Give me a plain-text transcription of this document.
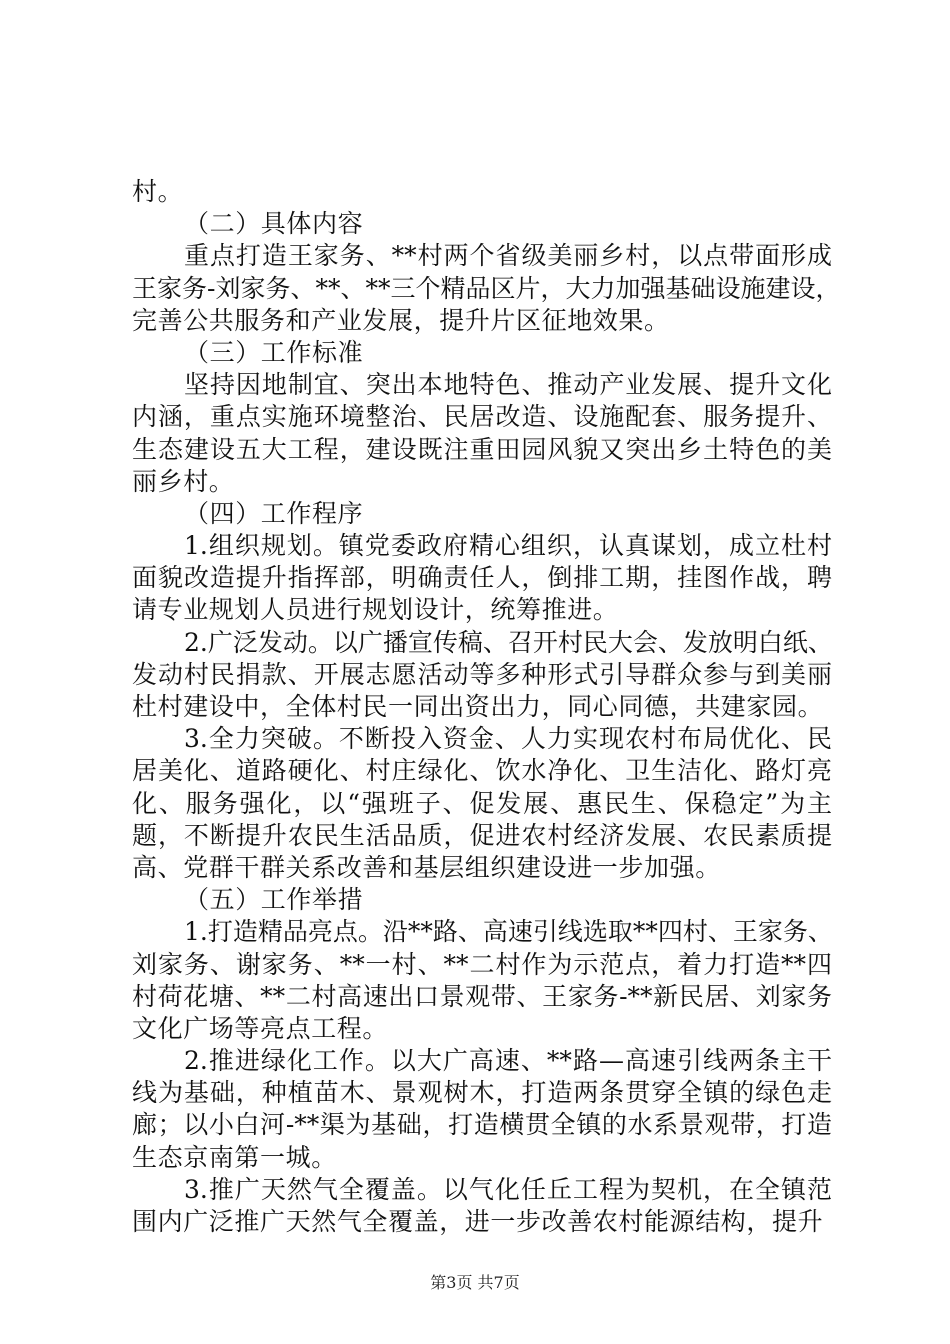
村。
（二）具体内容
重点打造王家务、**村两个省级美丽乡村，以点带面形成
王家务-刘家务、**、**三个精品区片，大力加强基础设施建设，
完善公共服务和产业发展，提升片区征地效果。
（三）工作标准
坚持因地制宜、突出本地特色、推动产业发展、提升文化
内涵，重点实施环境整治、民居改造、设施配套、服务提升、
生态建设五大工程，建设既注重田园风貌又突出乡土特色的美
丽乡村。
（四）工作程序
1.组织规划。镇党委政府精心组织，认真谋划，成立杜村
面貌改造提升指挥部，明确责任人，倒排工期，挂图作战，聘
请专业规划人员进行规划设计，统筹推进。
2.广泛发动。以广播宣传稿、召开村民大会、发放明白纸、
发动村民捐款、开展志愿活动等多种形式引导群众参与到美丽
杜村建设中，全体村民一同出资出力，同心同德，共建家园。
3.全力突破。不断投入资金、人力实现农村布局优化、民
居美化、道路硬化、村庄绿化、饮水净化、卫生洁化、路灯亮
化、服务强化，以“强班子、促发展、惠民生、保稳定”为主
题，不断提升农民生活品质，促进农村经济发展、农民素质提
高、党群干群关系改善和基层组织建设进一步加强。
（五）工作举措
1.打造精品亮点。沿**路、高速引线选取**四村、王家务、
刘家务、谢家务、**一村、**二村作为示范点，着力打造**四
村荷花塘、**二村高速出口景观带、王家务-**新民居、刘家务
文化广场等亮点工程。
2.推进绿化工作。以大广高速、**路—高速引线两条主干
线为基础，种植苗木、景观树木，打造两条贯穿全镇的绿色走
廊；以小白河-**渠为基础，打造横贯全镇的水系景观带，打造
生态京南第一城。
3.推广天然气全覆盖。以气化任丘工程为契机，在全镇范
围内广泛推广天然气全覆盖，进一步改善农村能源结构，提升
第3页 共7页
